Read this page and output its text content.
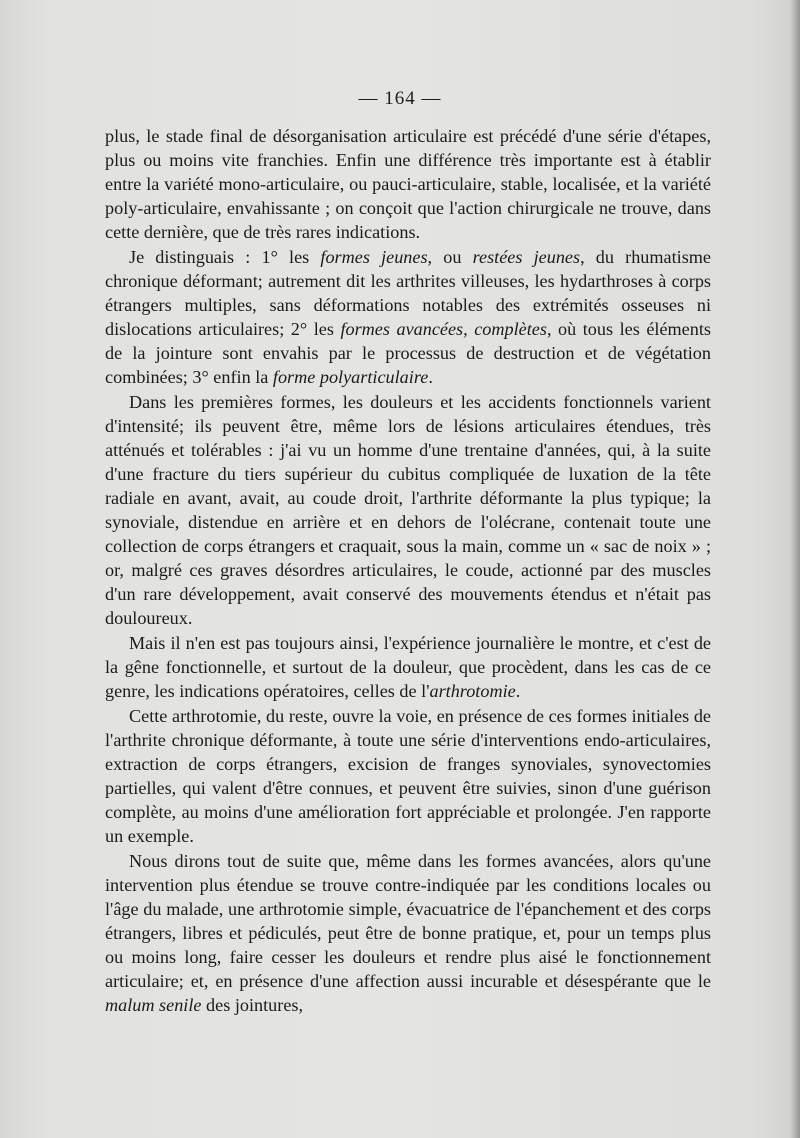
— 164 —

plus, le stade final de désorganisation articulaire est précédé d'une série d'étapes, plus ou moins vite franchies. Enfin une différence très importante est à établir entre la variété mono-articulaire, ou pauci-articulaire, stable, localisée, et la variété poly-articulaire, envahissante ; on conçoit que l'action chirurgicale ne trouve, dans cette dernière, que de très rares indications.

Je distinguais : 1° les formes jeunes, ou restées jeunes, du rhumatisme chronique déformant; autrement dit les arthrites villeuses, les hydarthroses à corps étrangers multiples, sans déformations notables des extrémités osseuses ni dislocations articulaires; 2° les formes avancées, complètes, où tous les éléments de la jointure sont envahis par le processus de destruction et de végétation combinées; 3° enfin la forme polyarticulaire.

Dans les premières formes, les douleurs et les accidents fonctionnels varient d'intensité; ils peuvent être, même lors de lésions articulaires étendues, très atténués et tolérables : j'ai vu un homme d'une trentaine d'années, qui, à la suite d'une fracture du tiers supérieur du cubitus compliquée de luxation de la tête radiale en avant, avait, au coude droit, l'arthrite déformante la plus typique; la synoviale, distendue en arrière et en dehors de l'olécrane, contenait toute une collection de corps étrangers et craquait, sous la main, comme un « sac de noix » ; or, malgré ces graves désordres articulaires, le coude, actionné par des muscles d'un rare développement, avait conservé des mouvements étendus et n'était pas douloureux.

Mais il n'en est pas toujours ainsi, l'expérience journalière le montre, et c'est de la gêne fonctionnelle, et surtout de la douleur, que procèdent, dans les cas de ce genre, les indications opératoires, celles de l'arthrotomie.

Cette arthrotomie, du reste, ouvre la voie, en présence de ces formes initiales de l'arthrite chronique déformante, à toute une série d'interventions endo-articulaires, extraction de corps étrangers, excision de franges synoviales, synovectomies partielles, qui valent d'être connues, et peuvent être suivies, sinon d'une guérison complète, au moins d'une amélioration fort appréciable et prolongée. J'en rapporte un exemple.

Nous dirons tout de suite que, même dans les formes avancées, alors qu'une intervention plus étendue se trouve contre-indiquée par les conditions locales ou l'âge du malade, une arthrotomie simple, évacuatrice de l'épanchement et des corps étrangers, libres et pédiculés, peut être de bonne pratique, et, pour un temps plus ou moins long, faire cesser les douleurs et rendre plus aisé le fonctionnement articulaire; et, en présence d'une affection aussi incurable et désespérante que le malum senile des jointures,
